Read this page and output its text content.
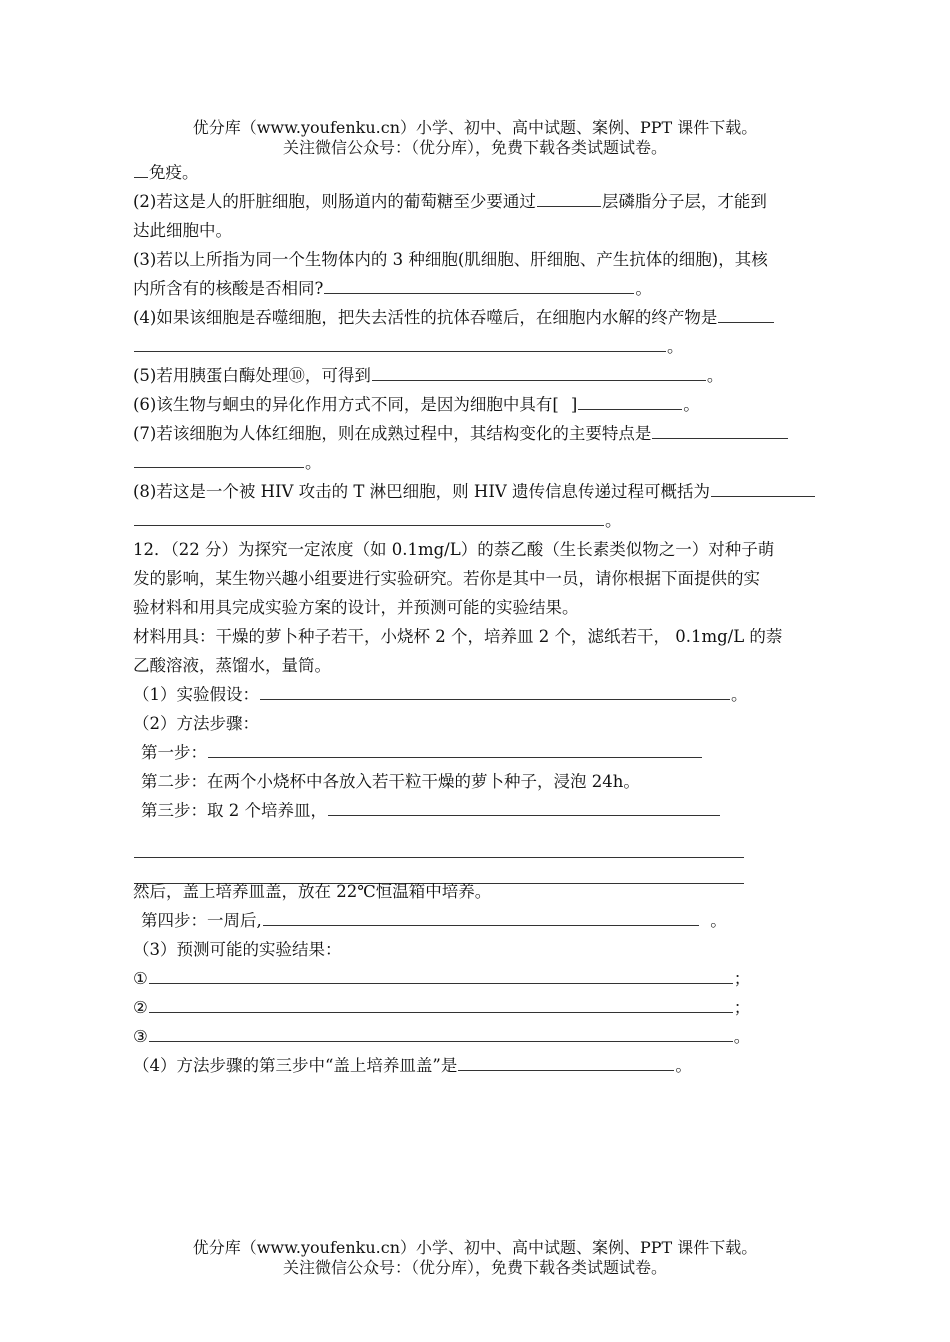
优分库（www.youfenku.cn）小学、初中、高中试题、案例、PPT 课件下载。
关注微信公众号：（优分库），免费下载各类试题试卷。
免疫。
(2)若这是人的肝脏细胞，则肠道内的葡萄糖至少要通过	层磷脂分子层，才能到
达此细胞中。
(3)若以上所指为同一个生物体内的 3 种细胞(肌细胞、肝细胞、产生抗体的细胞)，其核
内所含有的核酸是否相同?	。
(4)如果该细胞是吞噬细胞，把失去活性的抗体吞噬后，在细胞内水解的终产物是
。
(5)若用胰蛋白酶处理⑩，可得到	。
(6)该生物与蛔虫的异化作用方式不同，是因为细胞中具有[ ]	。
(7)若该细胞为人体红细胞，则在成熟过程中，其结构变化的主要特点是
。
(8)若这是一个被 HIV 攻击的 T 淋巴细胞，则 HIV 遗传信息传递过程可概括为
。
12．（22 分）为探究一定浓度（如 0.1mg/L）的萘乙酸（生长素类似物之一）对种子萌
发的影响，某生物兴趣小组要进行实验研究。若你是其中一员，请你根据下面提供的实
验材料和用具完成实验方案的设计，并预测可能的实验结果。
材料用具：干燥的萝卜种子若干，小烧杯 2 个，培养皿 2 个，滤纸若干， 0.1mg/L 的萘
乙酸溶液，蒸馏水，量筒。
（1）实验假设：	。
（2）方法步骤：
第一步：
第二步：在两个小烧杯中各放入若干粒干燥的萝卜种子，浸泡 24h。
第三步：取 2 个培养皿，
然后，盖上培养皿盖，放在 22℃恒温箱中培养。
第四步：一周后,	。
（3）预测可能的实验结果：
①	；
②	；
③	。
（4）方法步骤的第三步中“盖上培养皿盖”是	。
优分库（www.youfenku.cn）小学、初中、高中试题、案例、PPT 课件下载。
关注微信公众号：（优分库），免费下载各类试题试卷。
